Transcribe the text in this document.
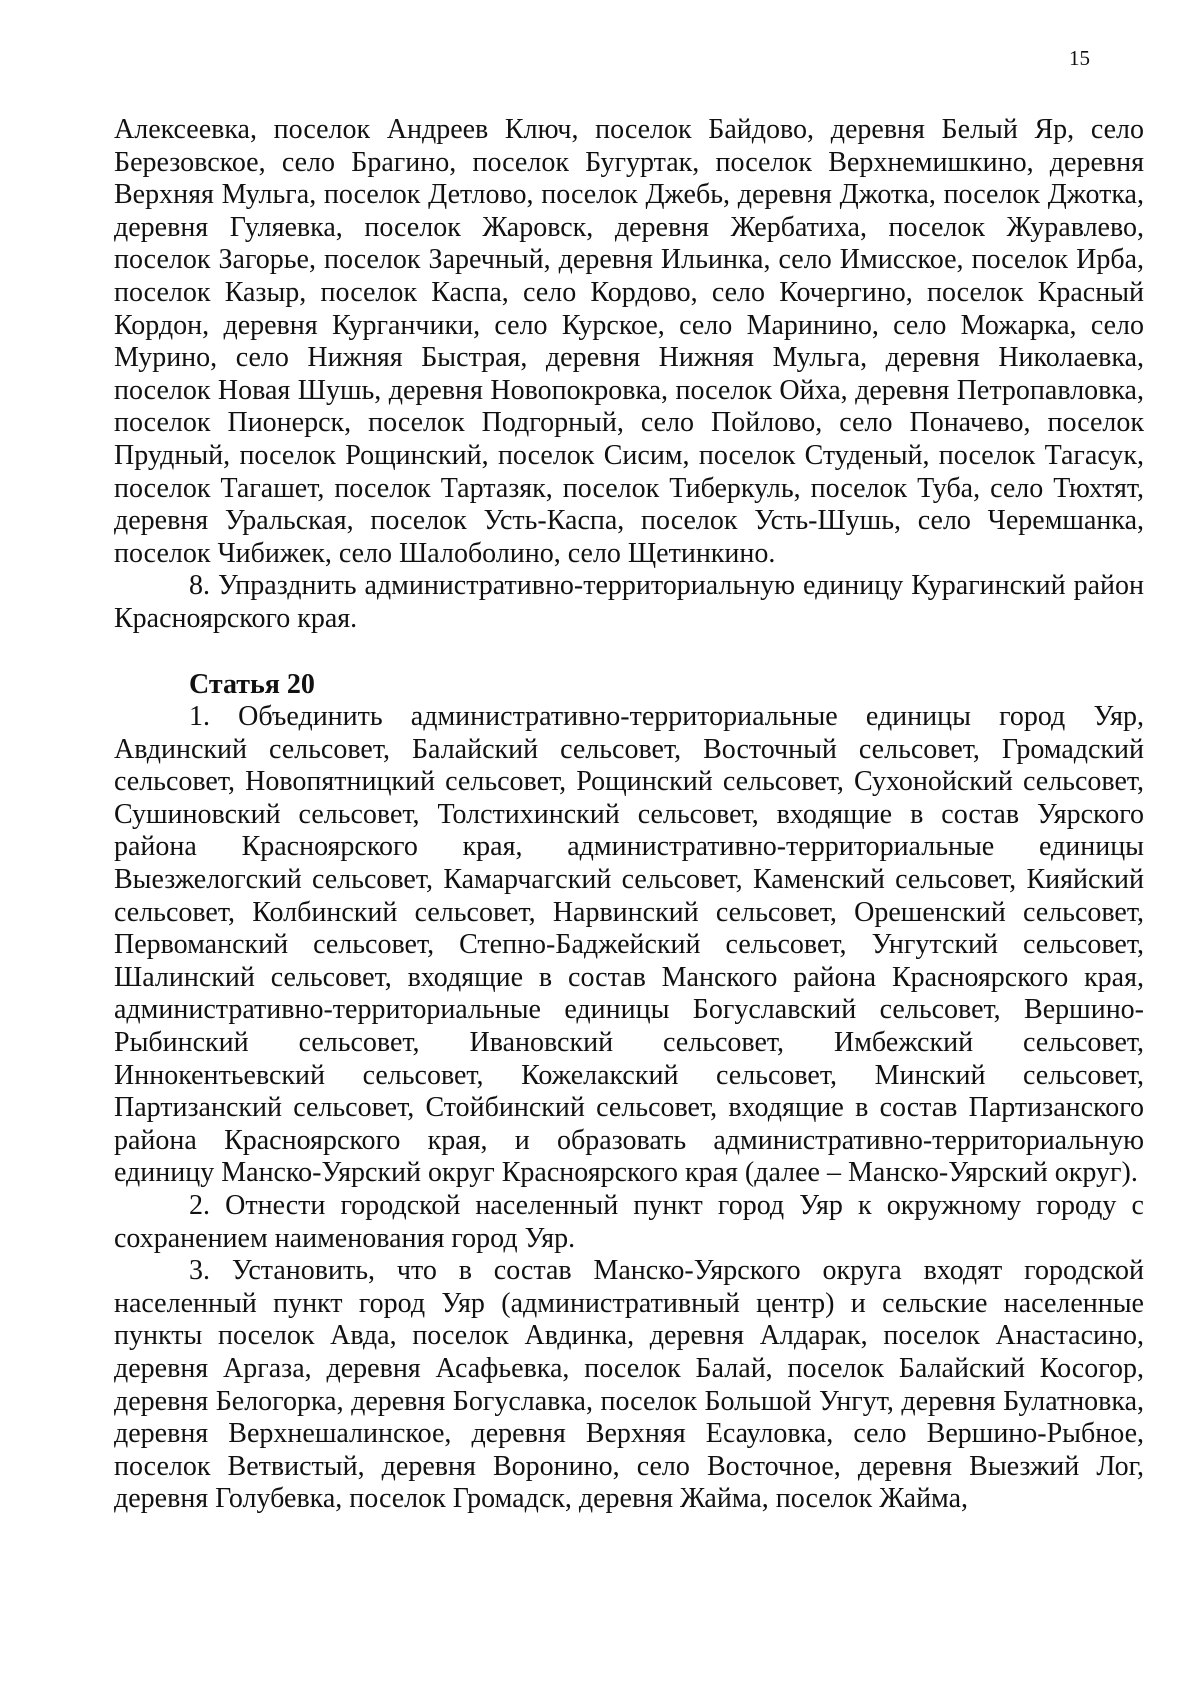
15

Алексеевка, поселок Андреев Ключ, поселок Байдово, деревня Белый Яр, село Березовское, село Брагино, поселок Бугуртак, поселок Верхнемишкино, деревня Верхняя Мульга, поселок Детлово, поселок Джебь, деревня Джотка, поселок Джотка, деревня Гуляевка, поселок Жаровск, деревня Жербатиха, поселок Журавлево, поселок Загорье, поселок Заречный, деревня Ильинка, село Имисское, поселок Ирба, поселок Казыр, поселок Каспа, село Кордово, село Кочергино, поселок Красный Кордон, деревня Курганчики, село Курское, село Маринино, село Можарка, село Мурино, село Нижняя Быстрая, деревня Нижняя Мульга, деревня Николаевка, поселок Новая Шушь, деревня Новопокровка, поселок Ойха, деревня Петропавловка, поселок Пионерск, поселок Подгорный, село Пойлово, село Поначево, поселок Прудный, поселок Рощинский, поселок Сисим, поселок Студеный, поселок Тагасук, поселок Тагашет, поселок Тартазяк, поселок Тиберкуль, поселок Туба, село Тюхтят, деревня Уральская, поселок Усть-Каспа, поселок Усть-Шушь, село Черемшанка, поселок Чибижек, село Шалоболино, село Щетинкино.

8. Упразднить административно-территориальную единицу Курагинский район Красноярского края.

Статья 20

1. Объединить административно-территориальные единицы город Уяр, Авдинский сельсовет, Балайский сельсовет, Восточный сельсовет, Громадский сельсовет, Новопятницкий сельсовет, Рощинский сельсовет, Сухонойский сельсовет, Сушиновский сельсовет, Толстихинский сельсовет, входящие в состав Уярского района Красноярского края, административно-территориальные единицы Выезжелогский сельсовет, Камарчагский сельсовет, Каменский сельсовет, Кияйский сельсовет, Колбинский сельсовет, Нарвинский сельсовет, Орешенский сельсовет, Первоманский сельсовет, Степно-Баджейский сельсовет, Унгутский сельсовет, Шалинский сельсовет, входящие в состав Манского района Красноярского края, административно-территориальные единицы Богуславский сельсовет, Вершино-Рыбинский сельсовет, Ивановский сельсовет, Имбежский сельсовет, Иннокентьевский сельсовет, Кожелакский сельсовет, Минский сельсовет, Партизанский сельсовет, Стойбинский сельсовет, входящие в состав Партизанского района Красноярского края, и образовать административно-территориальную единицу Манско-Уярский округ Красноярского края (далее – Манско-Уярский округ).

2. Отнести городской населенный пункт город Уяр к окружному городу с сохранением наименования город Уяр.

3. Установить, что в состав Манско-Уярского округа входят городской населенный пункт город Уяр (административный центр) и сельские населенные пункты поселок Авда, поселок Авдинка, деревня Алдарак, поселок Анастасино, деревня Аргаза, деревня Асафьевка, поселок Балай, поселок Балайский Косогор, деревня Белогорка, деревня Богуславка, поселок Большой Унгут, деревня Булатновка, деревня Верхнешалинское, деревня Верхняя Есауловка, село Вершино-Рыбное, поселок Ветвистый, деревня Воронино, село Восточное, деревня Выезжий Лог, деревня Голубевка, поселок Громадск, деревня Жайма, поселок Жайма,
